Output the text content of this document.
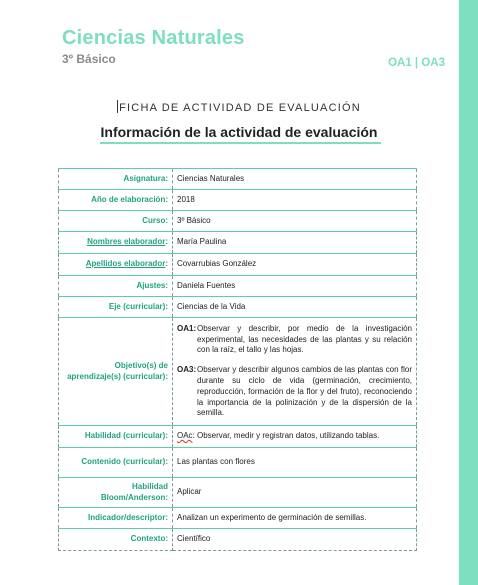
Ciencias Naturales
3º Básico	OA1 | OA3
FICHA DE ACTIVIDAD DE EVALUACIÓN
Información de la actividad de evaluación
Asignatura:	Ciencias Naturales
Año de elaboración:	2018
Curso:	3º Básico
Nombres elaborador:	María Paulina
Apellidos elaborador:	Covarrubias González
Ajustes:	Daniela Fuentes
Eje (curricular):	Ciencias de la Vida
Objetivo(s) de aprendizaje(s) (curricular):	OA1: Observar y describir, por medio de la investigación experimental, las necesidades de las plantas y su relación con la raíz, el tallo y las hojas.
OA3: Observar y describir algunos cambios de las plantas con flor durante su ciclo de vida (germinación, crecimiento, reproducción, formación de la flor y del fruto), reconociendo la importancia de la polinización y de la dispersión de la semilla.

Habilidad (curricular):	OAc: Observar, medir y registran datos, utilizando tablas.
Contenido (curricular):	Las plantas con flores
Habilidad Bloom/Anderson:	Aplicar
Indicador/descriptor:	Analizan un experimento de germinación de semillas.
Contexto:	Científico
